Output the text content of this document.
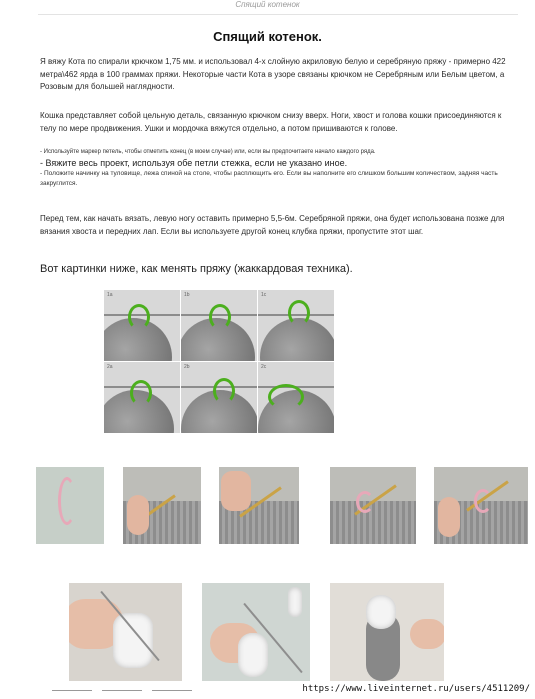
Спящий котенок
Спящий котенок.
Я вяжу Кота по спирали крючком 1,75 мм. и использовал 4-х слойную акриловую белую и серебряную пряжу - примерно 422 метра\462 ярда в 100 граммах пряжи. Некоторые части Кота в узоре связаны крючком не Серебряным или Белым цветом, а Розовым для большей наглядности.
Кошка представляет собой цельную деталь, связанную крючком снизу вверх. Ноги, хвост и голова кошки присоединяются к телу по мере продвижения. Ушки и мордочка вяжутся отдельно, а потом пришиваются к голове.
- Используйте маркер петель, чтобы отметить конец (в моем случае) или, если вы предпочитаете начало каждого ряда.
- Вяжите весь проект, используя обе петли стежка, если не указано иное.
- Положите начинку на туловище, лежа спиной на столе, чтобы расплющить его. Если вы наполните его слишком большим количеством, задняя часть закруглится.
Перед тем, как начать вязать, левую ногу оставить примерно 5,5-6м. Серебряной пряжи, она будет использована позже для вязания хвоста и передних лап. Если вы используете другой конец клубка пряжи, пропустите этот шаг.
Вот картинки ниже, как менять пряжу (жаккардовая техника).
1a	1b	1c
2a	2b	2c
https://www.liveinternet.ru/users/4511209/
